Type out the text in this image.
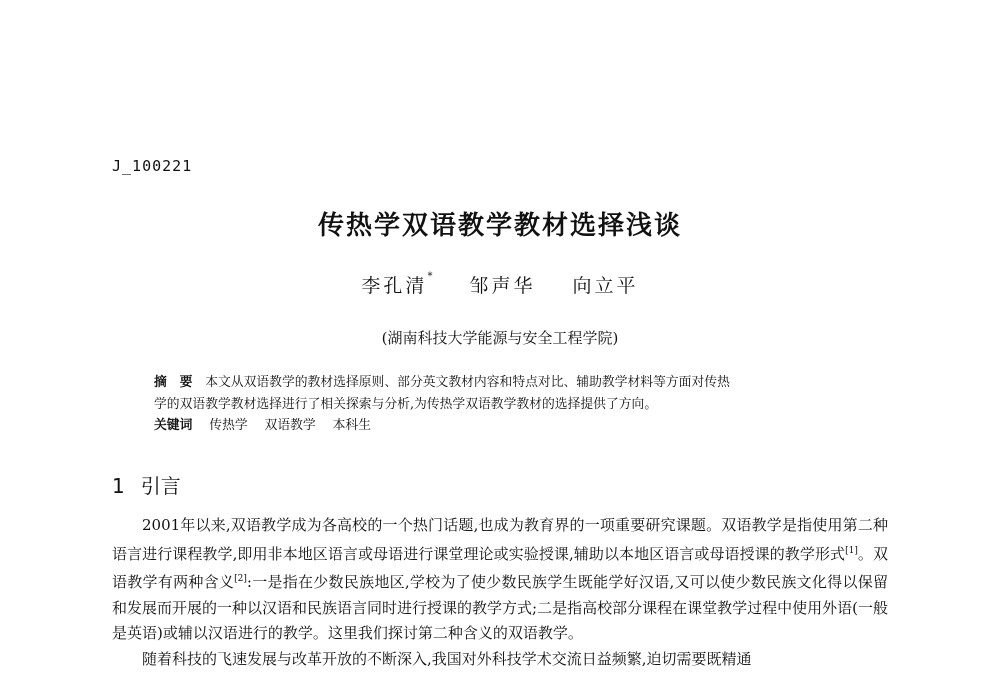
J_100221
传热学双语教学教材选择浅谈
李孔清* 邹声华 向立平
(湖南科技大学能源与安全工程学院)

摘　要　 本文从双语教学的教材选择原则、部分英文教材内容和特点对比、辅助教学材料等方面对传热

学的双语教学教材选择进行了相关探索与分析,为传热学双语教学教材的选择提供了方向。

关键词　 传热学　 双语教学　 本科生
1 引言

2001年以来,双语教学成为各高校的一个热门话题,也成为教育界的一项重要研究课题。双语教学是指使用第二种语言进行课程教学,即用非本地区语言或母语进行课堂理论或实验授课,辅助以本地区语言或母语授课的教学形式[1]。双语教学有两种含义[2]:一是指在少数民族地区,学校为了使少数民族学生既能学好汉语,又可以使少数民族文化得以保留和发展而开展的一种以汉语和民族语言同时进行授课的教学方式;二是指高校部分课程在课堂教学过程中使用外语(一般是英语)或辅以汉语进行的教学。这里我们探讨第二种含义的双语教学。

随着科技的飞速发展与改革开放的不断深入,我国对外科技学术交流日益频繁,迫切需要既精通
